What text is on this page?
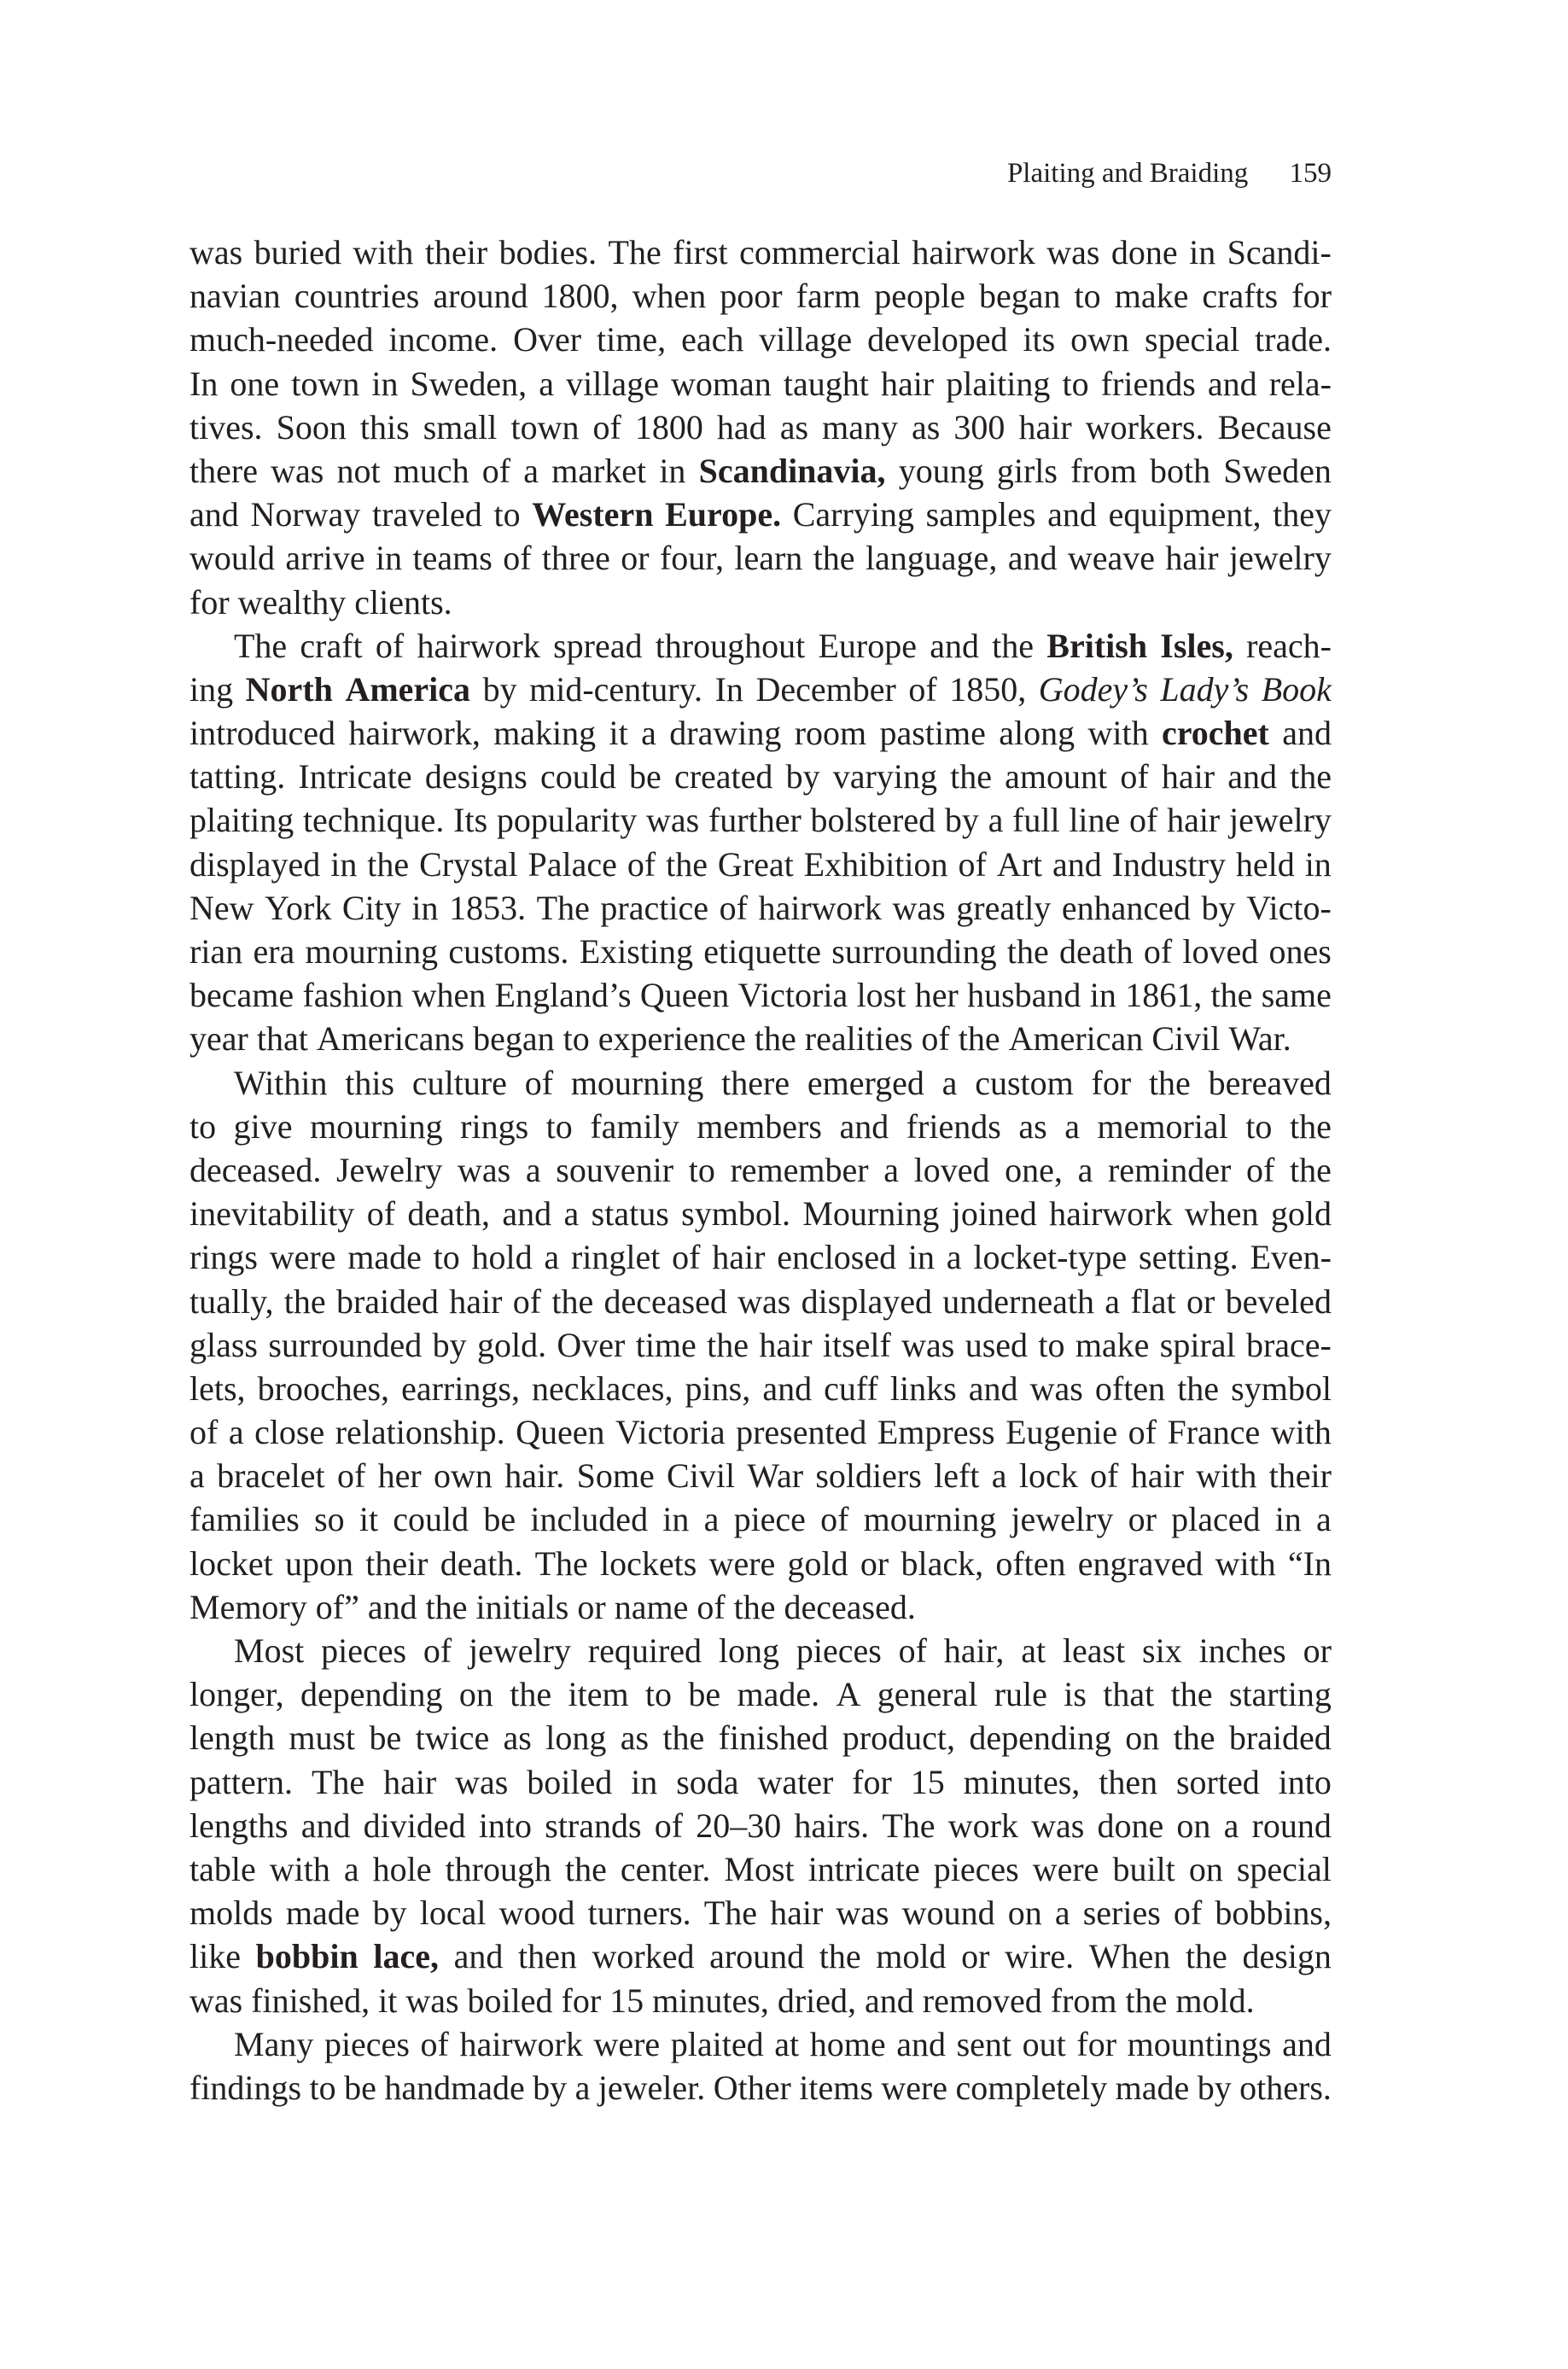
Plaiting and Braiding 159
was buried with their bodies. The first commercial hairwork was done in Scandi-
navian countries around 1800, when poor farm people began to make crafts for
much-needed income. Over time, each village developed its own special trade.
In one town in Sweden, a village woman taught hair plaiting to friends and rela-
tives. Soon this small town of 1800 had as many as 300 hair workers. Because
there was not much of a market in Scandinavia, young girls from both Sweden
and Norway traveled to Western Europe. Carrying samples and equipment, they
would arrive in teams of three or four, learn the language, and weave hair jewelry
for wealthy clients.
The craft of hairwork spread throughout Europe and the British Isles, reach-
ing North America by mid-century. In December of 1850, Godey’s Lady’s Book
introduced hairwork, making it a drawing room pastime along with crochet and
tatting. Intricate designs could be created by varying the amount of hair and the
plaiting technique. Its popularity was further bolstered by a full line of hair jewelry
displayed in the Crystal Palace of the Great Exhibition of Art and Industry held in
New York City in 1853. The practice of hairwork was greatly enhanced by Victo-
rian era mourning customs. Existing etiquette surrounding the death of loved ones
became fashion when England’s Queen Victoria lost her husband in 1861, the same
year that Americans began to experience the realities of the American Civil War.
Within this culture of mourning there emerged a custom for the bereaved
to give mourning rings to family members and friends as a memorial to the
deceased. Jewelry was a souvenir to remember a loved one, a reminder of the
inevitability of death, and a status symbol. Mourning joined hairwork when gold
rings were made to hold a ringlet of hair enclosed in a locket-type setting. Even-
tually, the braided hair of the deceased was displayed underneath a flat or beveled
glass surrounded by gold. Over time the hair itself was used to make spiral brace-
lets, brooches, earrings, necklaces, pins, and cuff links and was often the symbol
of a close relationship. Queen Victoria presented Empress Eugenie of France with
a bracelet of her own hair. Some Civil War soldiers left a lock of hair with their
families so it could be included in a piece of mourning jewelry or placed in a
locket upon their death. The lockets were gold or black, often engraved with “In
Memory of” and the initials or name of the deceased.
Most pieces of jewelry required long pieces of hair, at least six inches or
longer, depending on the item to be made. A general rule is that the starting
length must be twice as long as the finished product, depending on the braided
pattern. The hair was boiled in soda water for 15 minutes, then sorted into
lengths and divided into strands of 20–30 hairs. The work was done on a round
table with a hole through the center. Most intricate pieces were built on special
molds made by local wood turners. The hair was wound on a series of bobbins,
like bobbin lace, and then worked around the mold or wire. When the design
was finished, it was boiled for 15 minutes, dried, and removed from the mold.
Many pieces of hairwork were plaited at home and sent out for mountings and
findings to be handmade by a jeweler. Other items were completely made by others.
